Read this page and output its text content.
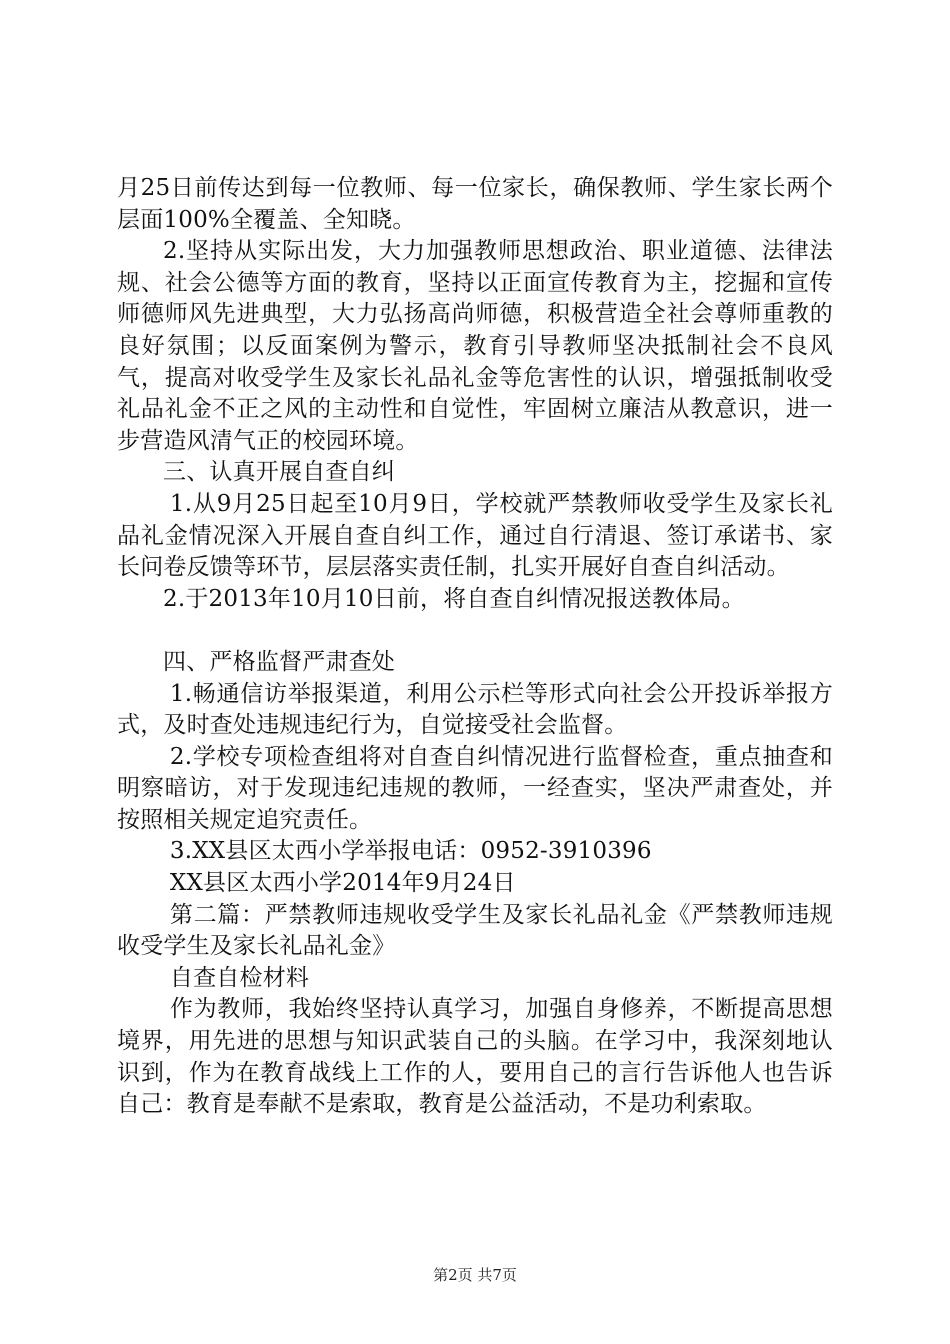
月25日前传达到每一位教师、每一位家长，确保教师、学生家长两个层面100%全覆盖、全知晓。

2.坚持从实际出发，大力加强教师思想政治、职业道德、法律法规、社会公德等方面的教育，坚持以正面宣传教育为主，挖掘和宣传师德师风先进典型，大力弘扬高尚师德，积极营造全社会尊师重教的良好氛围；以反面案例为警示，教育引导教师坚决抵制社会不良风气，提高对收受学生及家长礼品礼金等危害性的认识，增强抵制收受礼品礼金不正之风的主动性和自觉性，牢固树立廉洁从教意识，进一步营造风清气正的校园环境。

三、认真开展自查自纠

1.从9月25日起至10月9日，学校就严禁教师收受学生及家长礼品礼金情况深入开展自查自纠工作，通过自行清退、签订承诺书、家长问卷反馈等环节，层层落实责任制，扎实开展好自查自纠活动。

2.于2013年10月10日前，将自查自纠情况报送教体局。

四、严格监督严肃查处

1.畅通信访举报渠道，利用公示栏等形式向社会公开投诉举报方式，及时查处违规违纪行为，自觉接受社会监督。

2.学校专项检查组将对自查自纠情况进行监督检查，重点抽查和明察暗访，对于发现违纪违规的教师，一经查实，坚决严肃查处，并按照相关规定追究责任。

3.XX县区太西小学举报电话：0952-3910396

XX县区太西小学2014年9月24日

第二篇：严禁教师违规收受学生及家长礼品礼金《严禁教师违规收受学生及家长礼品礼金》

自查自检材料

作为教师，我始终坚持认真学习，加强自身修养，不断提高思想境界，用先进的思想与知识武装自己的头脑。在学习中，我深刻地认识到，作为在教育战线上工作的人，要用自己的言行告诉他人也告诉自己：教育是奉献不是索取，教育是公益活动，不是功利索取。

第2页 共7页
